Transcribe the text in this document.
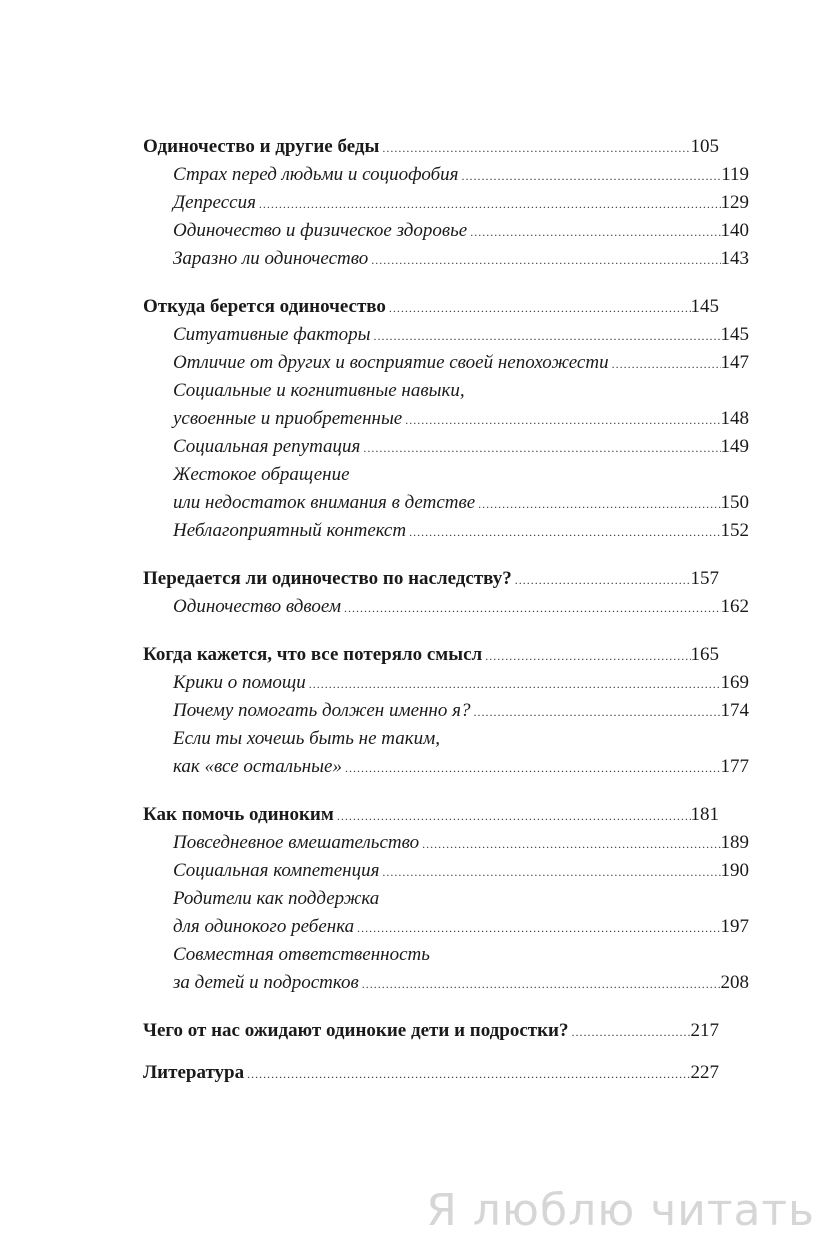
Одиночество и другие беды .....	105
Страх перед людьми и социофобия .....	119
Депрессия .....	129
Одиночество и физическое здоровье .....	140
Заразно ли одиночество .....	143
Откуда берется одиночество .....	145
Ситуативные факторы .....	145
Отличие от других и восприятие своей непохожести .....	147
Социальные и когнитивные навыки,
усвоенные и приобретенные .....	148
Социальная репутация .....	149
Жестокое обращение
или недостаток внимания в детстве .....	150
Неблагоприятный контекст .....	152
Передается ли одиночество по наследству? .....	157
Одиночество вдвоем .....	162
Когда кажется, что все потеряло смысл .....	165
Крики о помощи .....	169
Почему помогать должен именно я? .....	174
Если ты хочешь быть не таким,
как «все остальные» .....	177
Как помочь одиноким .....	181
Повседневное вмешательство .....	189
Социальная компетенция .....	190
Родители как поддержка
для одинокого ребенка .....	197
Совместная ответственность
за детей и подростков .....	208
Чего от нас ожидают одинокие дети и подростки? .....	217
Литература .....	227
Я люблю читать
